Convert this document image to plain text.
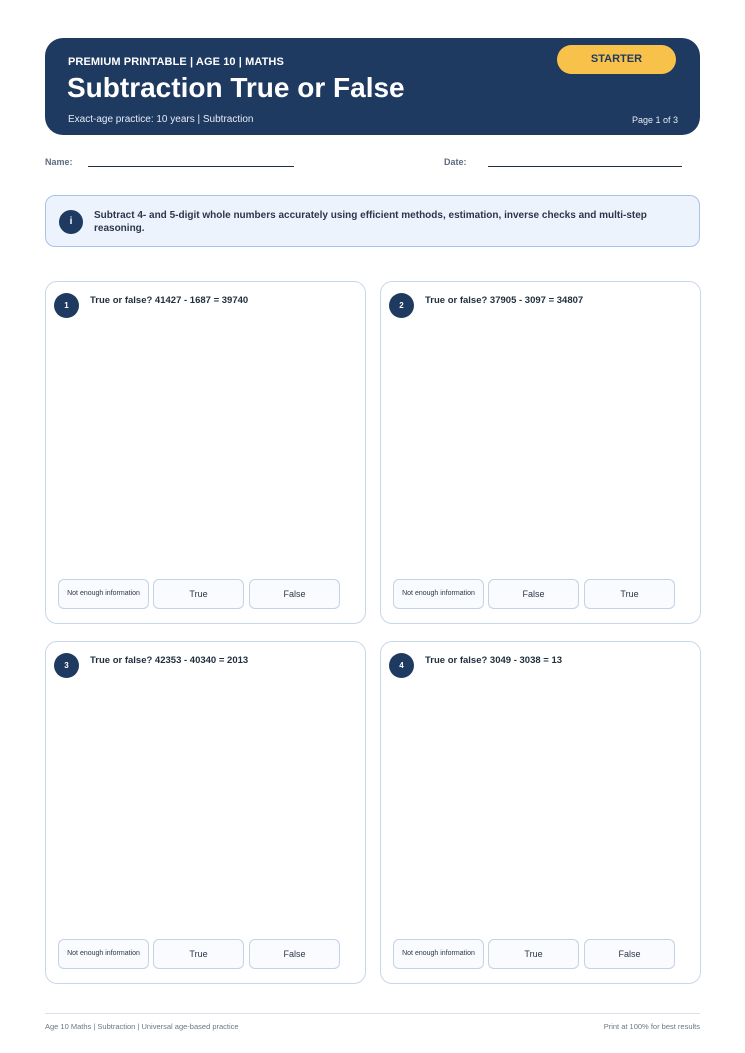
PREMIUM PRINTABLE | AGE 10 | MATHS
Subtraction True or False
Exact-age practice: 10 years | Subtraction
STARTER
Page 1 of 3
Name:	Date:
i
Subtract 4- and 5-digit whole numbers accurately using efficient methods, estimation, inverse checks and multi-step reasoning.
1	True or false? 41427 - 1687 = 39740
Not enough information	True	False
2	True or false? 37905 - 3097 = 34807
Not enough information	False	True
3	True or false? 42353 - 40340 = 2013
Not enough information	True	False
4	True or false? 3049 - 3038 = 13
Not enough information	True	False
Age 10 Maths | Subtraction | Universal age-based practice	Print at 100% for best results
